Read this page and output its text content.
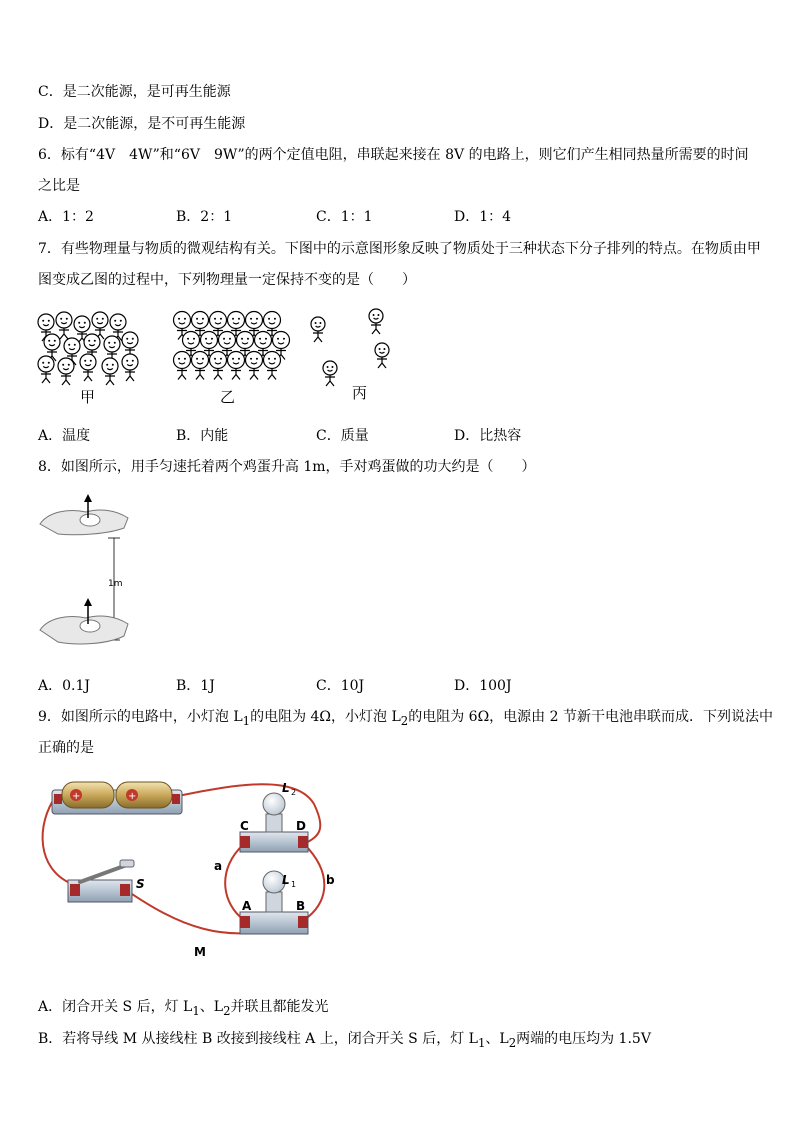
C．是二次能源，是可再生能源
D．是二次能源，是不可再生能源
6．标有“4V　4W”和“6V　9W”的两个定值电阻，串联起来接在 8V 的电路上，则它们产生相同热量所需要的时间
之比是
A．1：2	B．2：1	C．1：1	D．1：4
7．有些物理量与物质的微观结构有关。下图中的示意图形象反映了物质处于三种状态下分子排列的特点。在物质由甲
图变成乙图的过程中，下列物理量一定保持不变的是（　　）
甲	乙	丙
A．温度	B．内能	C．质量	D．比热容
8．如图所示，用手匀速托着两个鸡蛋升高 1m，手对鸡蛋做的功大约是（　　）
1m
A．0.1J	B．1J	C．10J	D．100J
9．如图所示的电路中，小灯泡 $L_1$的电阻为 4Ω，小灯泡 $L_2$的电阻为 6Ω，电源由 2 节新干电池串联而成．下列说法中
正确的是
+	+
C	D
L 2
A	B
L 1
a
b
M
S
A．闭合开关 S 后，灯 $L_1$、$L_2$并联且都能发光
B．若将导线 M 从接线柱 B 改接到接线柱 A 上，闭合开关 S 后，灯 $L_1$、$L_2$两端的电压均为 1.5V
